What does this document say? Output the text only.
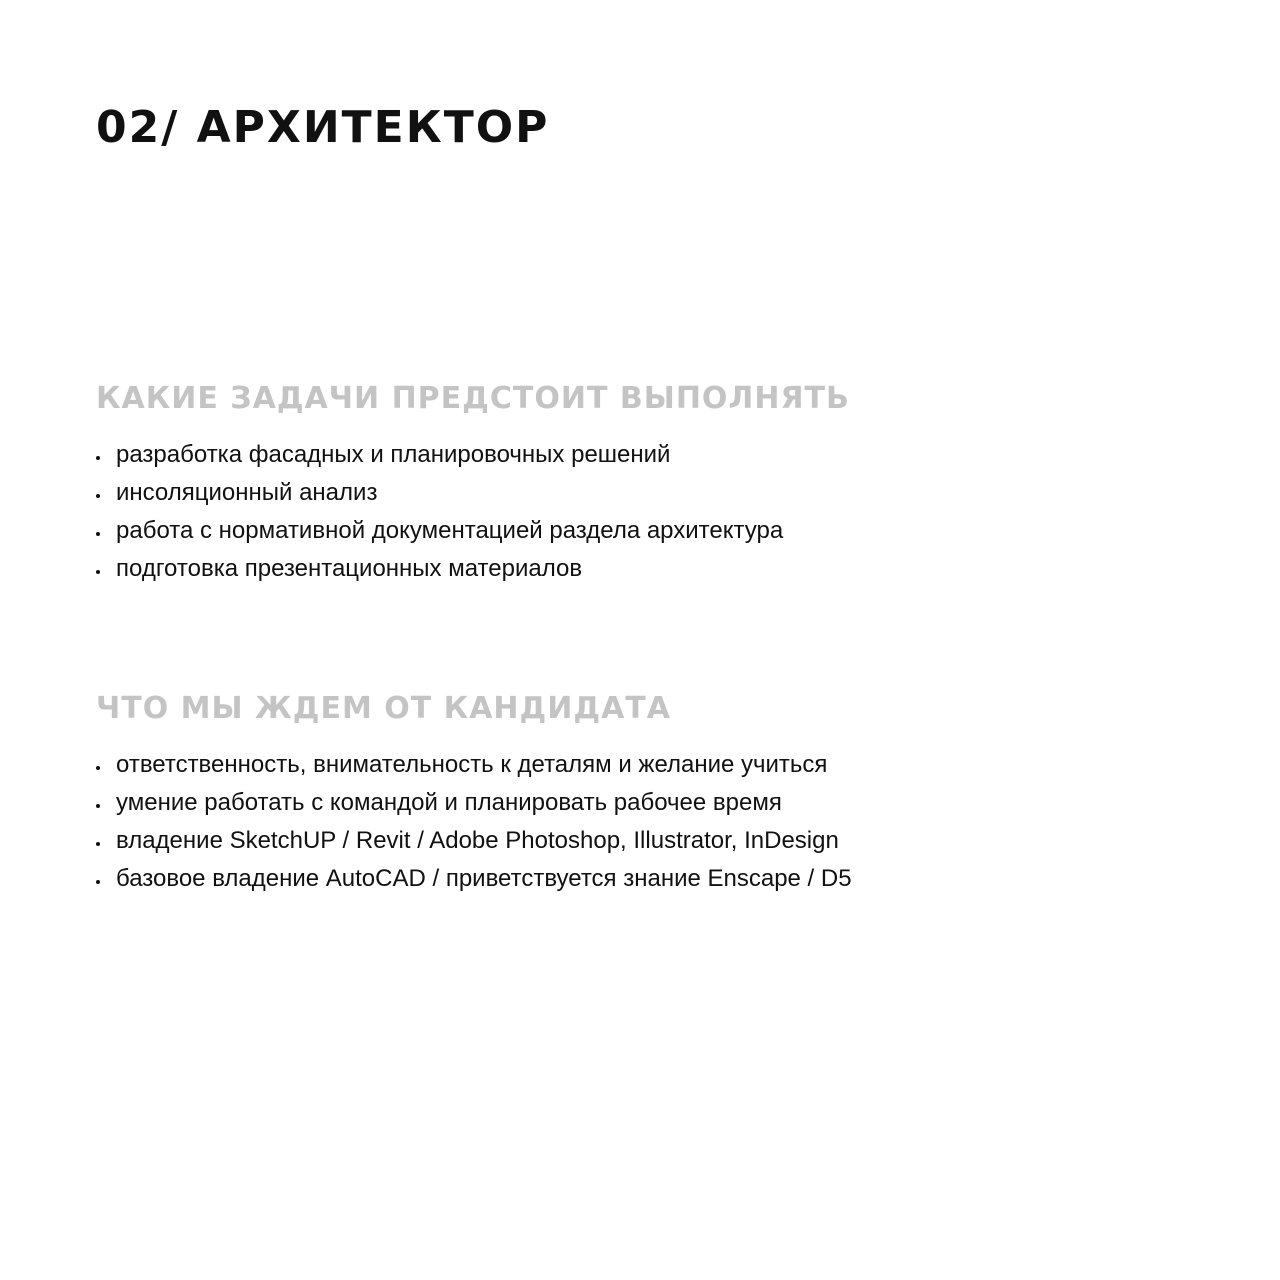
02/ АРХИТЕКТОР
КАКИЕ ЗАДАЧИ ПРЕДСТОИТ ВЫПОЛНЯТЬ
разработка фасадных и планировочных решений
инсоляционный анализ
работа с нормативной документацией раздела архитектура
подготовка презентационных материалов
ЧТО МЫ ЖДЕМ ОТ КАНДИДАТА
ответственность, внимательность к деталям и желание учиться
умение работать с командой и планировать рабочее время
владение SketchUP / Revit / Adobe Photoshop, Illustrator, InDesign
базовое владение AutoCAD / приветствуется знание Enscape / D5
